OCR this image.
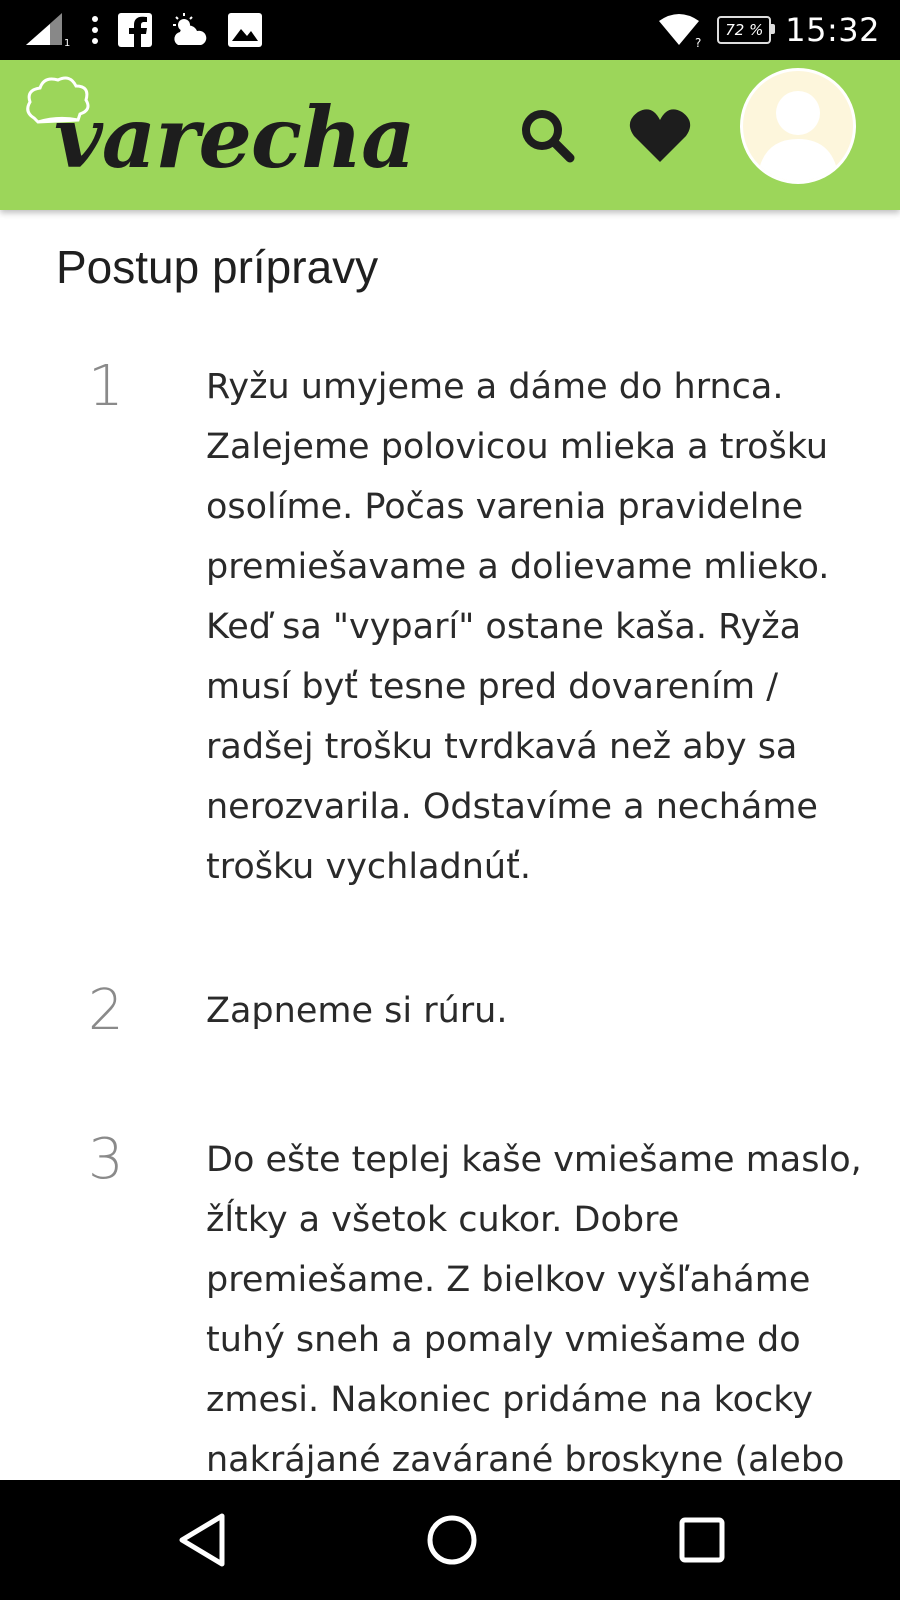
1	?
72 % 15:32
varecha
Postup prípravy
1 Ryžu umyjeme a dáme do hrnca. Zalejeme polovicou mlieka a trošku osolíme. Počas varenia pravidelne premiešavame a dolievame mlieko. Keď sa "vyparí" ostane kaša. Ryža musí byť tesne pred dovarením / radšej trošku tvrdkavá než aby sa nerozvarila. Odstavíme a necháme trošku vychladnúť.

2 Zapneme si rúru.

3 Do ešte teplej kaše vmiešame maslo, žĺtky a všetok cukor. Dobre premiešame. Z bielkov vyšľaháme tuhý sneh a pomaly vmiešame do zmesi. Nakoniec pridáme na kocky nakrájané zavárané broskyne (alebo
